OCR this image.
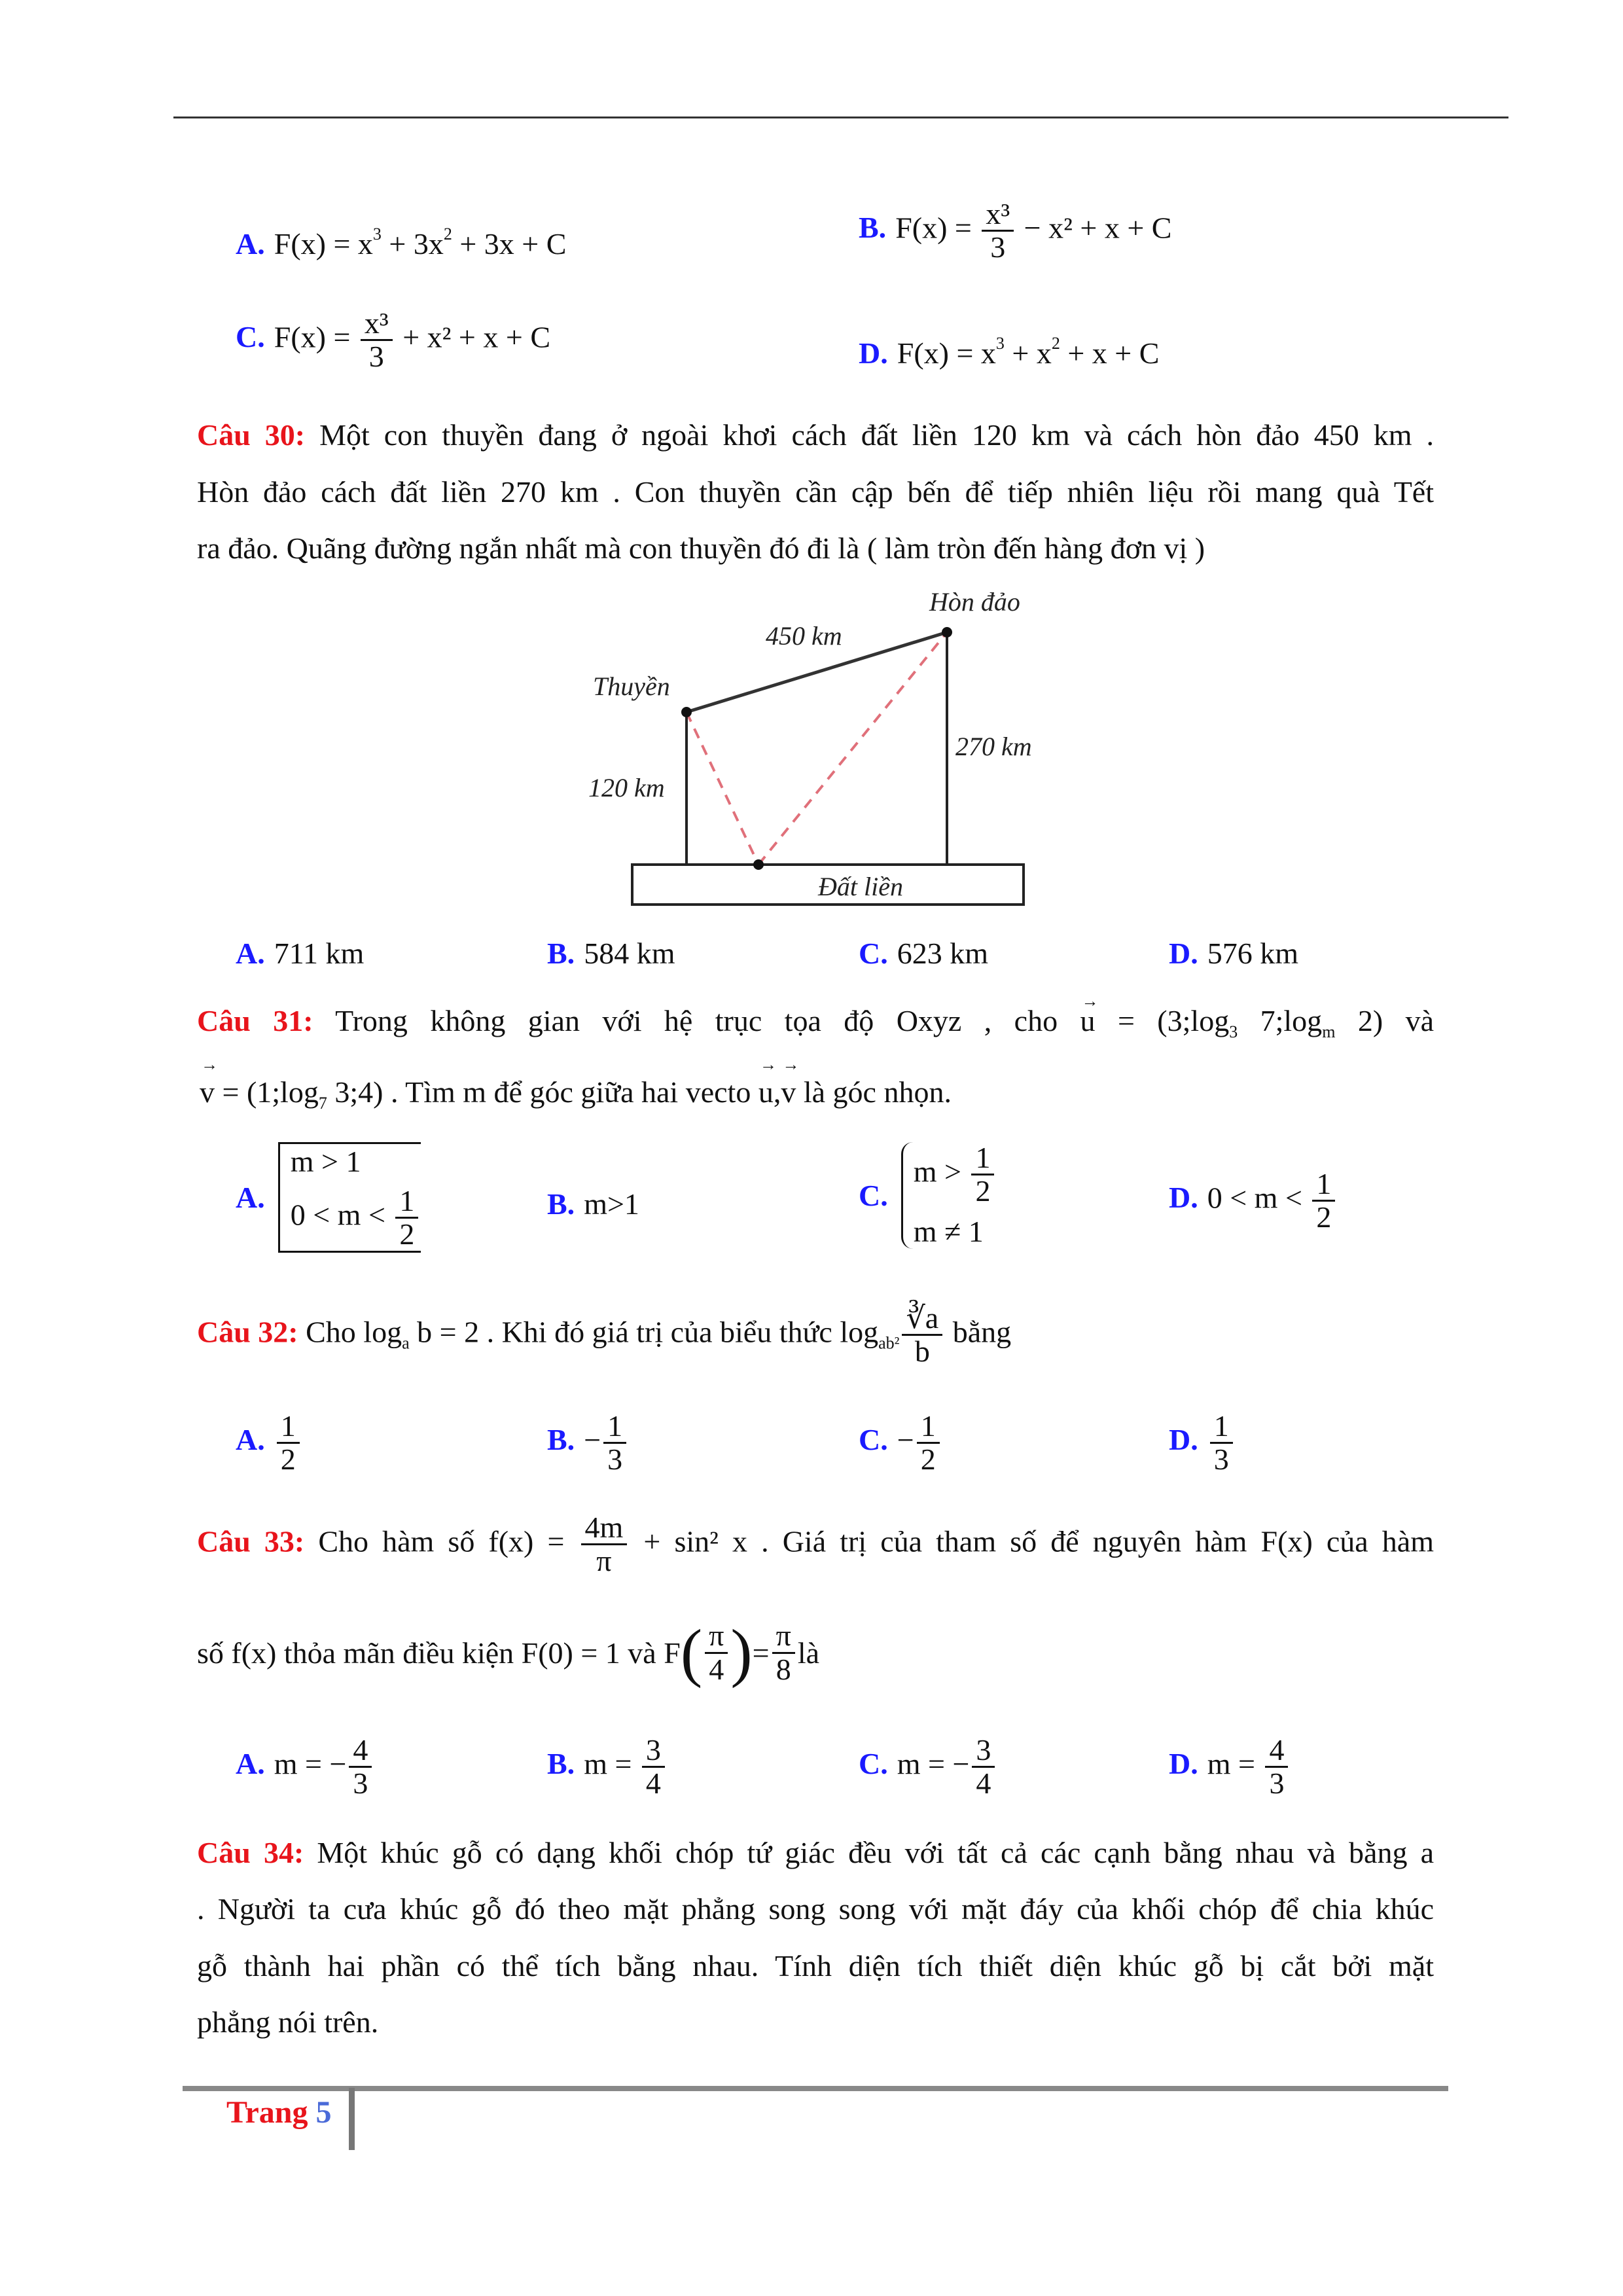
A. $F(x) = x^3 + 3x^2 + 3x + C$	B. $F(x) = \frac{\text{x³}}{3} - x^2 + x + C$
C. $F(x) = \frac{\text{x³}}{3} + x^2 + x + C$	D. $F(x) = x^3 + x^2 + x + C$
Câu 30: Một con thuyền đang ở ngoài khơi cách đất liền 120 km và cách hòn đảo 450 km .
Hòn đảo cách đất liền 270 km . Con thuyền cần cập bến để tiếp nhiên liệu rồi mang quà Tết
ra đảo. Quãng đường ngắn nhất mà con thuyền đó đi là ( làm tròn đến hàng đơn vị )
Hòn đảo
450 km
Thuyền
120 km
270 km
Đất liền
A. 711 km	B. 584 km	C. 623 km	D. 576 km
Câu 31: Trong không gian với hệ trục tọa độ Oxyz , cho → $u = (3;\log_3$ $7;\log_m$ 2) và
→ $v = (1;\log_7$ 3;4) . Tìm m để góc giữa hai vecto → u,→ v là góc nhọn.
A.
m > 1
$0 < m < \frac{1}{2}$	B. m>1	C.
$m > \frac{1}{2}$
m ≠ 1
D. $0 < m < \frac{1}{2}$
Câu 32: Cho $\log_a b = 2$ . Khi đó giá trị của biểu thức $\log_{ab^2} \frac{∛a}{b}$ bằng
A. $\frac{1}{2}$	B. − $\frac{1}{3}$	C. − $\frac{1}{2}$	D. $\frac{1}{3}$
Câu 33: Cho hàm số $f(x) = \frac{4m}{\pi} + \sin^2$ x . Giá trị của tham số để nguyên hàm F(x) của hàm
số f(x) thỏa mãn điều kiện F(0) = 1 và F ( $\frac{\pi}{4}$ ) = $\frac{\pi}{8}$ là
A. m = − $\frac{4}{3}$	B. $m = \frac{3}{4}$	C. m = − $\frac{3}{4}$	D. $m = \frac{4}{3}$
Câu 34: Một khúc gỗ có dạng khối chóp tứ giác đều với tất cả các cạnh bằng nhau và bằng a
. Người ta cưa khúc gỗ đó theo mặt phẳng song song với mặt đáy của khối chóp để chia khúc
gỗ thành hai phần có thể tích bằng nhau. Tính diện tích thiết diện khúc gỗ bị cắt bởi mặt
phẳng nói trên.
Trang 5
